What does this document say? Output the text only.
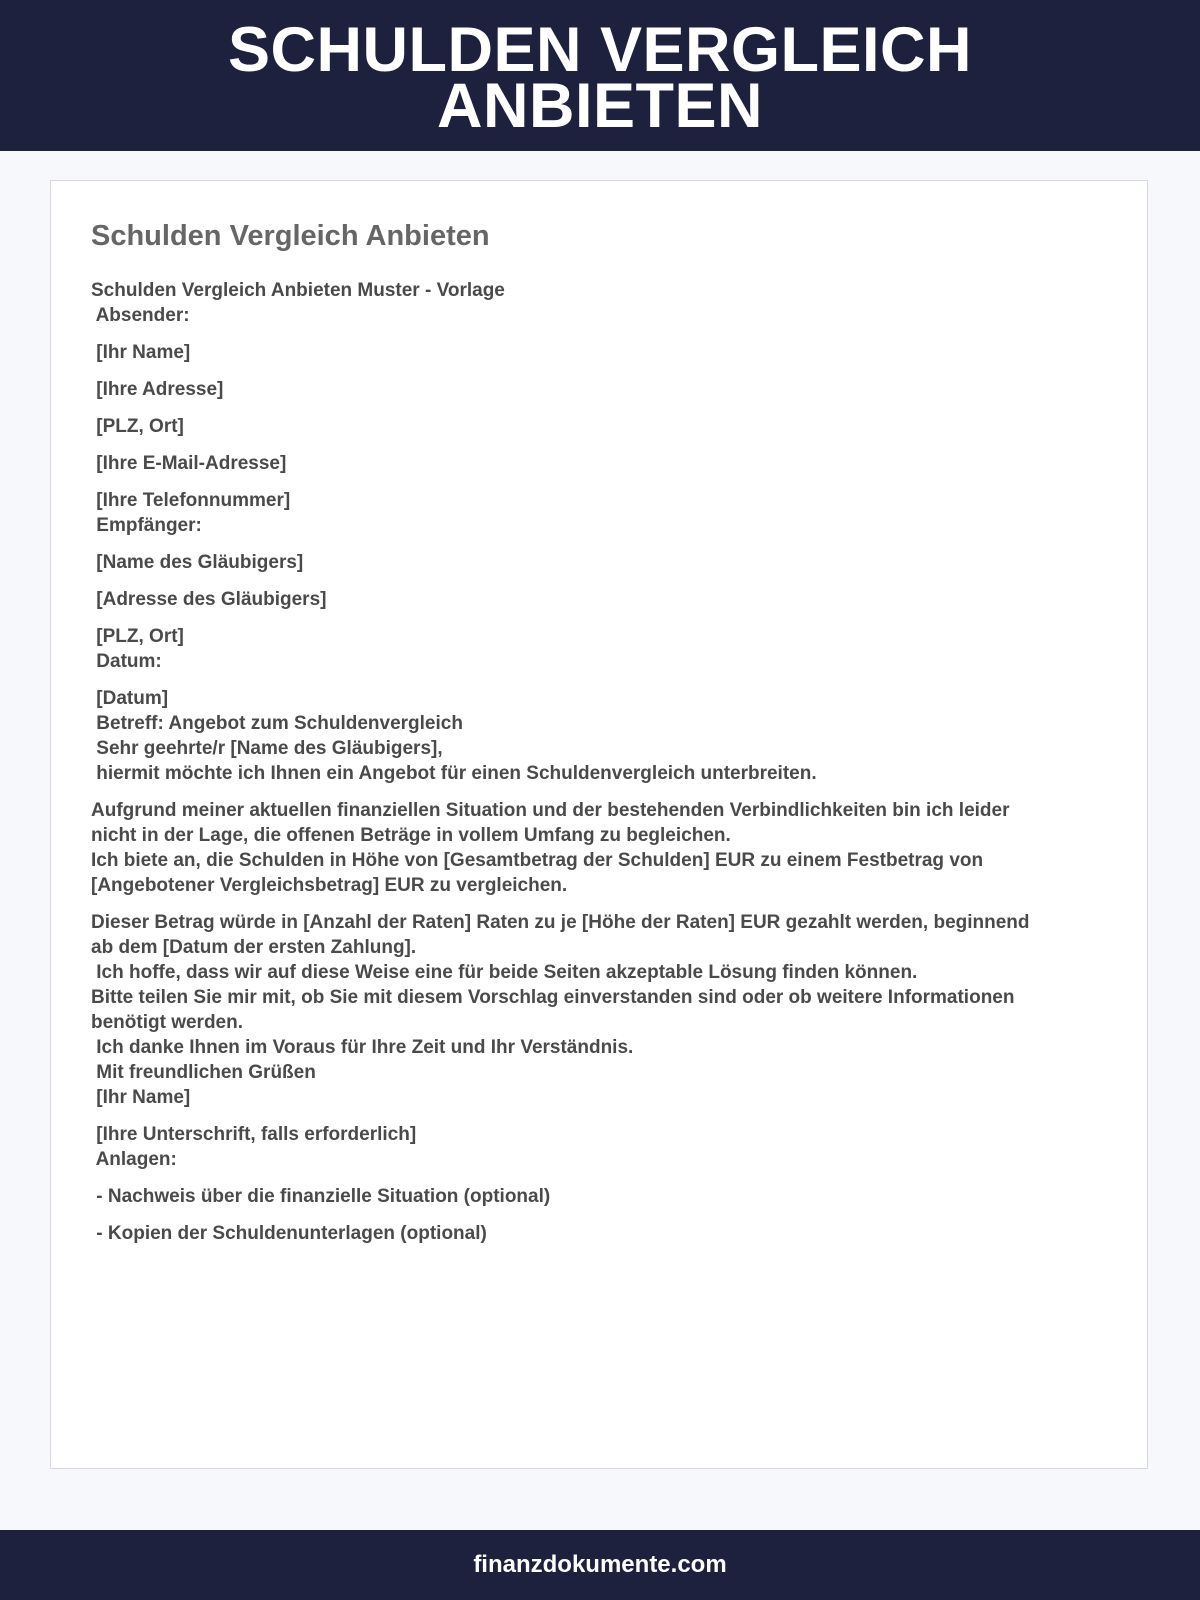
SCHULDEN VERGLEICH
ANBIETEN
Schulden Vergleich Anbieten
Schulden Vergleich Anbieten Muster - Vorlage
Absender:
[Ihr Name]
[Ihre Adresse]
[PLZ, Ort]
[Ihre E-Mail-Adresse]
[Ihre Telefonnummer]
Empfänger:
[Name des Gläubigers]
[Adresse des Gläubigers]
[PLZ, Ort]
Datum:
[Datum]
Betreff: Angebot zum Schuldenvergleich
Sehr geehrte/r [Name des Gläubigers],
hiermit möchte ich Ihnen ein Angebot für einen Schuldenvergleich unterbreiten.
Aufgrund meiner aktuellen finanziellen Situation und der bestehenden Verbindlichkeiten bin ich leider
nicht in der Lage, die offenen Beträge in vollem Umfang zu begleichen.
Ich biete an, die Schulden in Höhe von [Gesamtbetrag der Schulden] EUR zu einem Festbetrag von
[Angebotener Vergleichsbetrag] EUR zu vergleichen.
Dieser Betrag würde in [Anzahl der Raten] Raten zu je [Höhe der Raten] EUR gezahlt werden, beginnend
ab dem [Datum der ersten Zahlung].
Ich hoffe, dass wir auf diese Weise eine für beide Seiten akzeptable Lösung finden können.
Bitte teilen Sie mir mit, ob Sie mit diesem Vorschlag einverstanden sind oder ob weitere Informationen
benötigt werden.
Ich danke Ihnen im Voraus für Ihre Zeit und Ihr Verständnis.
Mit freundlichen Grüßen
[Ihr Name]
[Ihre Unterschrift, falls erforderlich]
Anlagen:
- Nachweis über die finanzielle Situation (optional)
- Kopien der Schuldenunterlagen (optional)
finanzdokumente.com
